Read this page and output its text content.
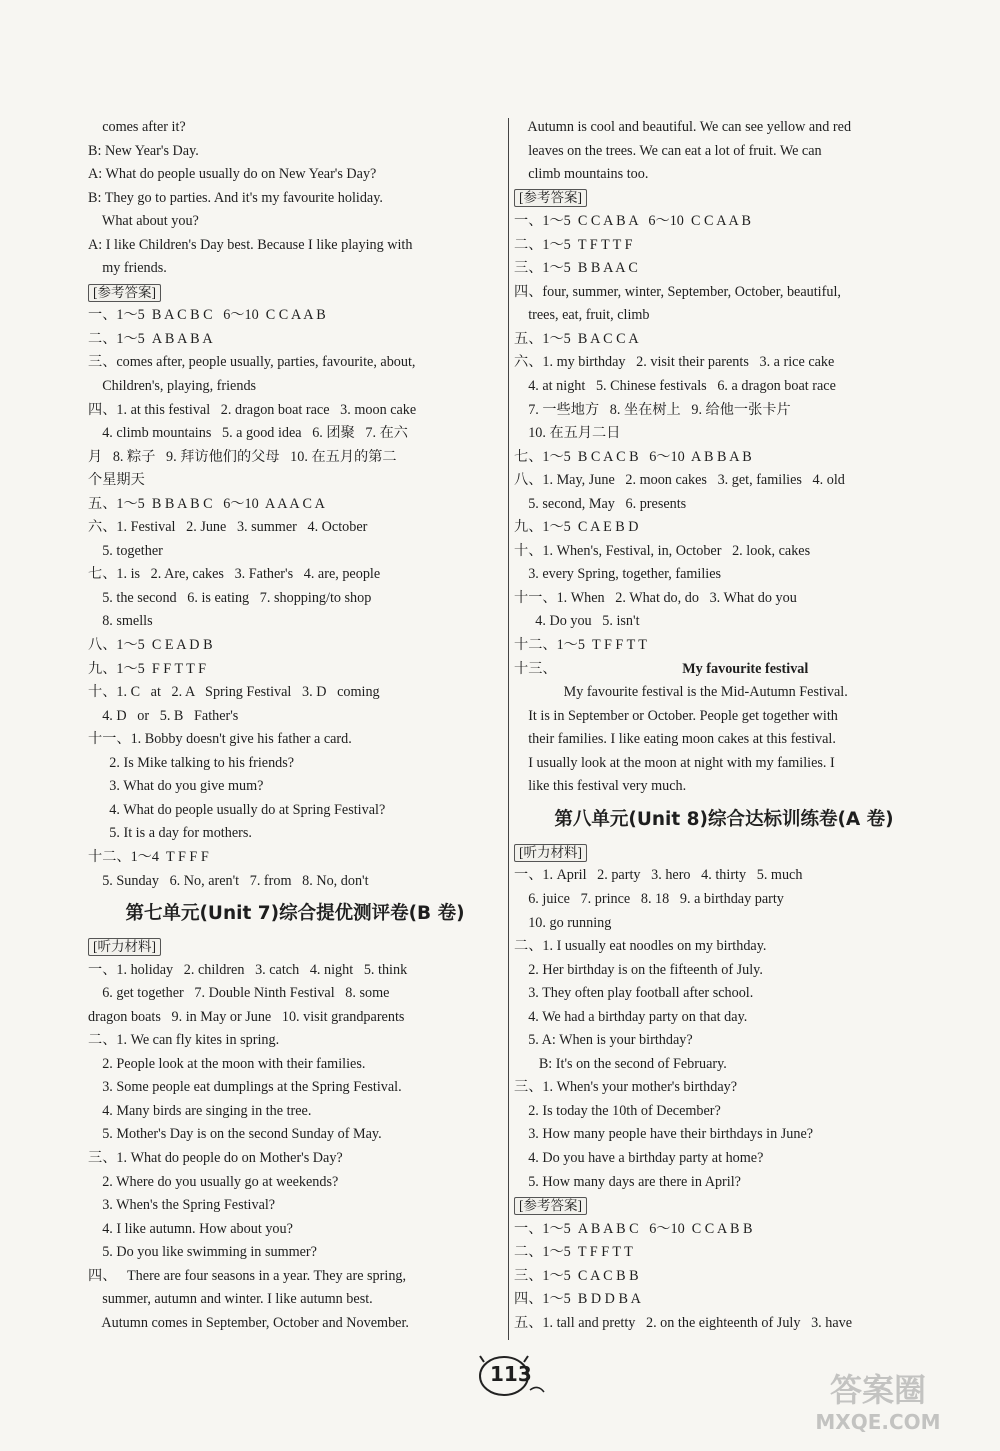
comes after it?
B: New Year's Day.
A: What do people usually do on New Year's Day?
B: They go to parties. And it's my favourite holiday.
What about you?
A: I like Children's Day best. Because I like playing with
my friends.
[参考答案]
一、1～5  B A C B C   6～10  C C A A B
二、1～5  A B A B A
三、comes after, people usually, parties, favourite, about,
Children's, playing, friends
四、1. at this festival   2. dragon boat race   3. moon cake
4. climb mountains   5. a good idea   6. 团聚   7. 在六
月   8. 粽子   9. 拜访他们的父母   10. 在五月的第二
个星期天
五、1～5  B B A B C   6～10  A A A C A
六、1. Festival   2. June   3. summer   4. October
5. together
七、1. is   2. Are, cakes   3. Father's   4. are, people
5. the second   6. is eating   7. shopping/to shop
8. smells
八、1～5  C E A D B
九、1～5  F F T T F
十、1. C   at   2. A   Spring Festival   3. D   coming
4. D   or   5. B   Father's
十一、1. Bobby doesn't give his father a card.
2. Is Mike talking to his friends?
3. What do you give mum?
4. What do people usually do at Spring Festival?
5. It is a day for mothers.
十二、1～4  T F F F
5. Sunday   6. No, aren't   7. from   8. No, don't
第七单元(Unit 7)综合提优测评卷(B 卷)
[听力材料]
一、1. holiday   2. children   3. catch   4. night   5. think
6. get together   7. Double Ninth Festival   8. some
dragon boats   9. in May or June   10. visit grandparents
二、1. We can fly kites in spring.
2. People look at the moon with their families.
3. Some people eat dumplings at the Spring Festival.
4. Many birds are singing in the tree.
5. Mother's Day is on the second Sunday of May.
三、1. What do people do on Mother's Day?
2. Where do you usually go at weekends?
3. When's the Spring Festival?
4. I like autumn. How about you?
5. Do you like swimming in summer?
四、   There are four seasons in a year. They are spring,
summer, autumn and winter. I like autumn best.
Autumn comes in September, October and November.
Autumn is cool and beautiful. We can see yellow and red
leaves on the trees. We can eat a lot of fruit. We can
climb mountains too.
[参考答案]
一、1～5  C C A B A   6～10  C C A A B
二、1～5  T F T T F
三、1～5  B B A A C
四、four, summer, winter, September, October, beautiful,
trees, eat, fruit, climb
五、1～5  B A C C A
六、1. my birthday   2. visit their parents   3. a rice cake
4. at night   5. Chinese festivals   6. a dragon boat race
7. 一些地方   8. 坐在树上   9. 给他一张卡片
10. 在五月二日
七、1～5  B C A C B   6～10  A B B A B
八、1. May, June   2. moon cakes   3. get, families   4. old
5. second, May   6. presents
九、1～5  C A E B D
十、1. When's, Festival, in, October   2. look, cakes
3. every Spring, together, families
十一、1. When   2. What do, do   3. What do you
4. Do you   5. isn't
十二、1～5  T F F T T
十三、	My favourite festival
My favourite festival is the Mid-Autumn Festival.
It is in September or October. People get together with
their families. I like eating moon cakes at this festival.
I usually look at the moon at night with my families. I
like this festival very much.
第八单元(Unit 8)综合达标训练卷(A 卷)
[听力材料]
一、1. April   2. party   3. hero   4. thirty   5. much
6. juice   7. prince   8. 18   9. a birthday party
10. go running
二、1. I usually eat noodles on my birthday.
2. Her birthday is on the fifteenth of July.
3. They often play football after school.
4. We had a birthday party on that day.
5. A: When is your birthday?
B: It's on the second of February.
三、1. When's your mother's birthday?
2. Is today the 10th of December?
3. How many people have their birthdays in June?
4. Do you have a birthday party at home?
5. How many days are there in April?
[参考答案]
一、1～5  A B A B C   6～10  C C A B B
二、1～5  T F F T T
三、1～5  C A C B B
四、1～5  B D D B A
五、1. tall and pretty   2. on the eighteenth of July   3. have
113	答案圈
MXQE.COM
